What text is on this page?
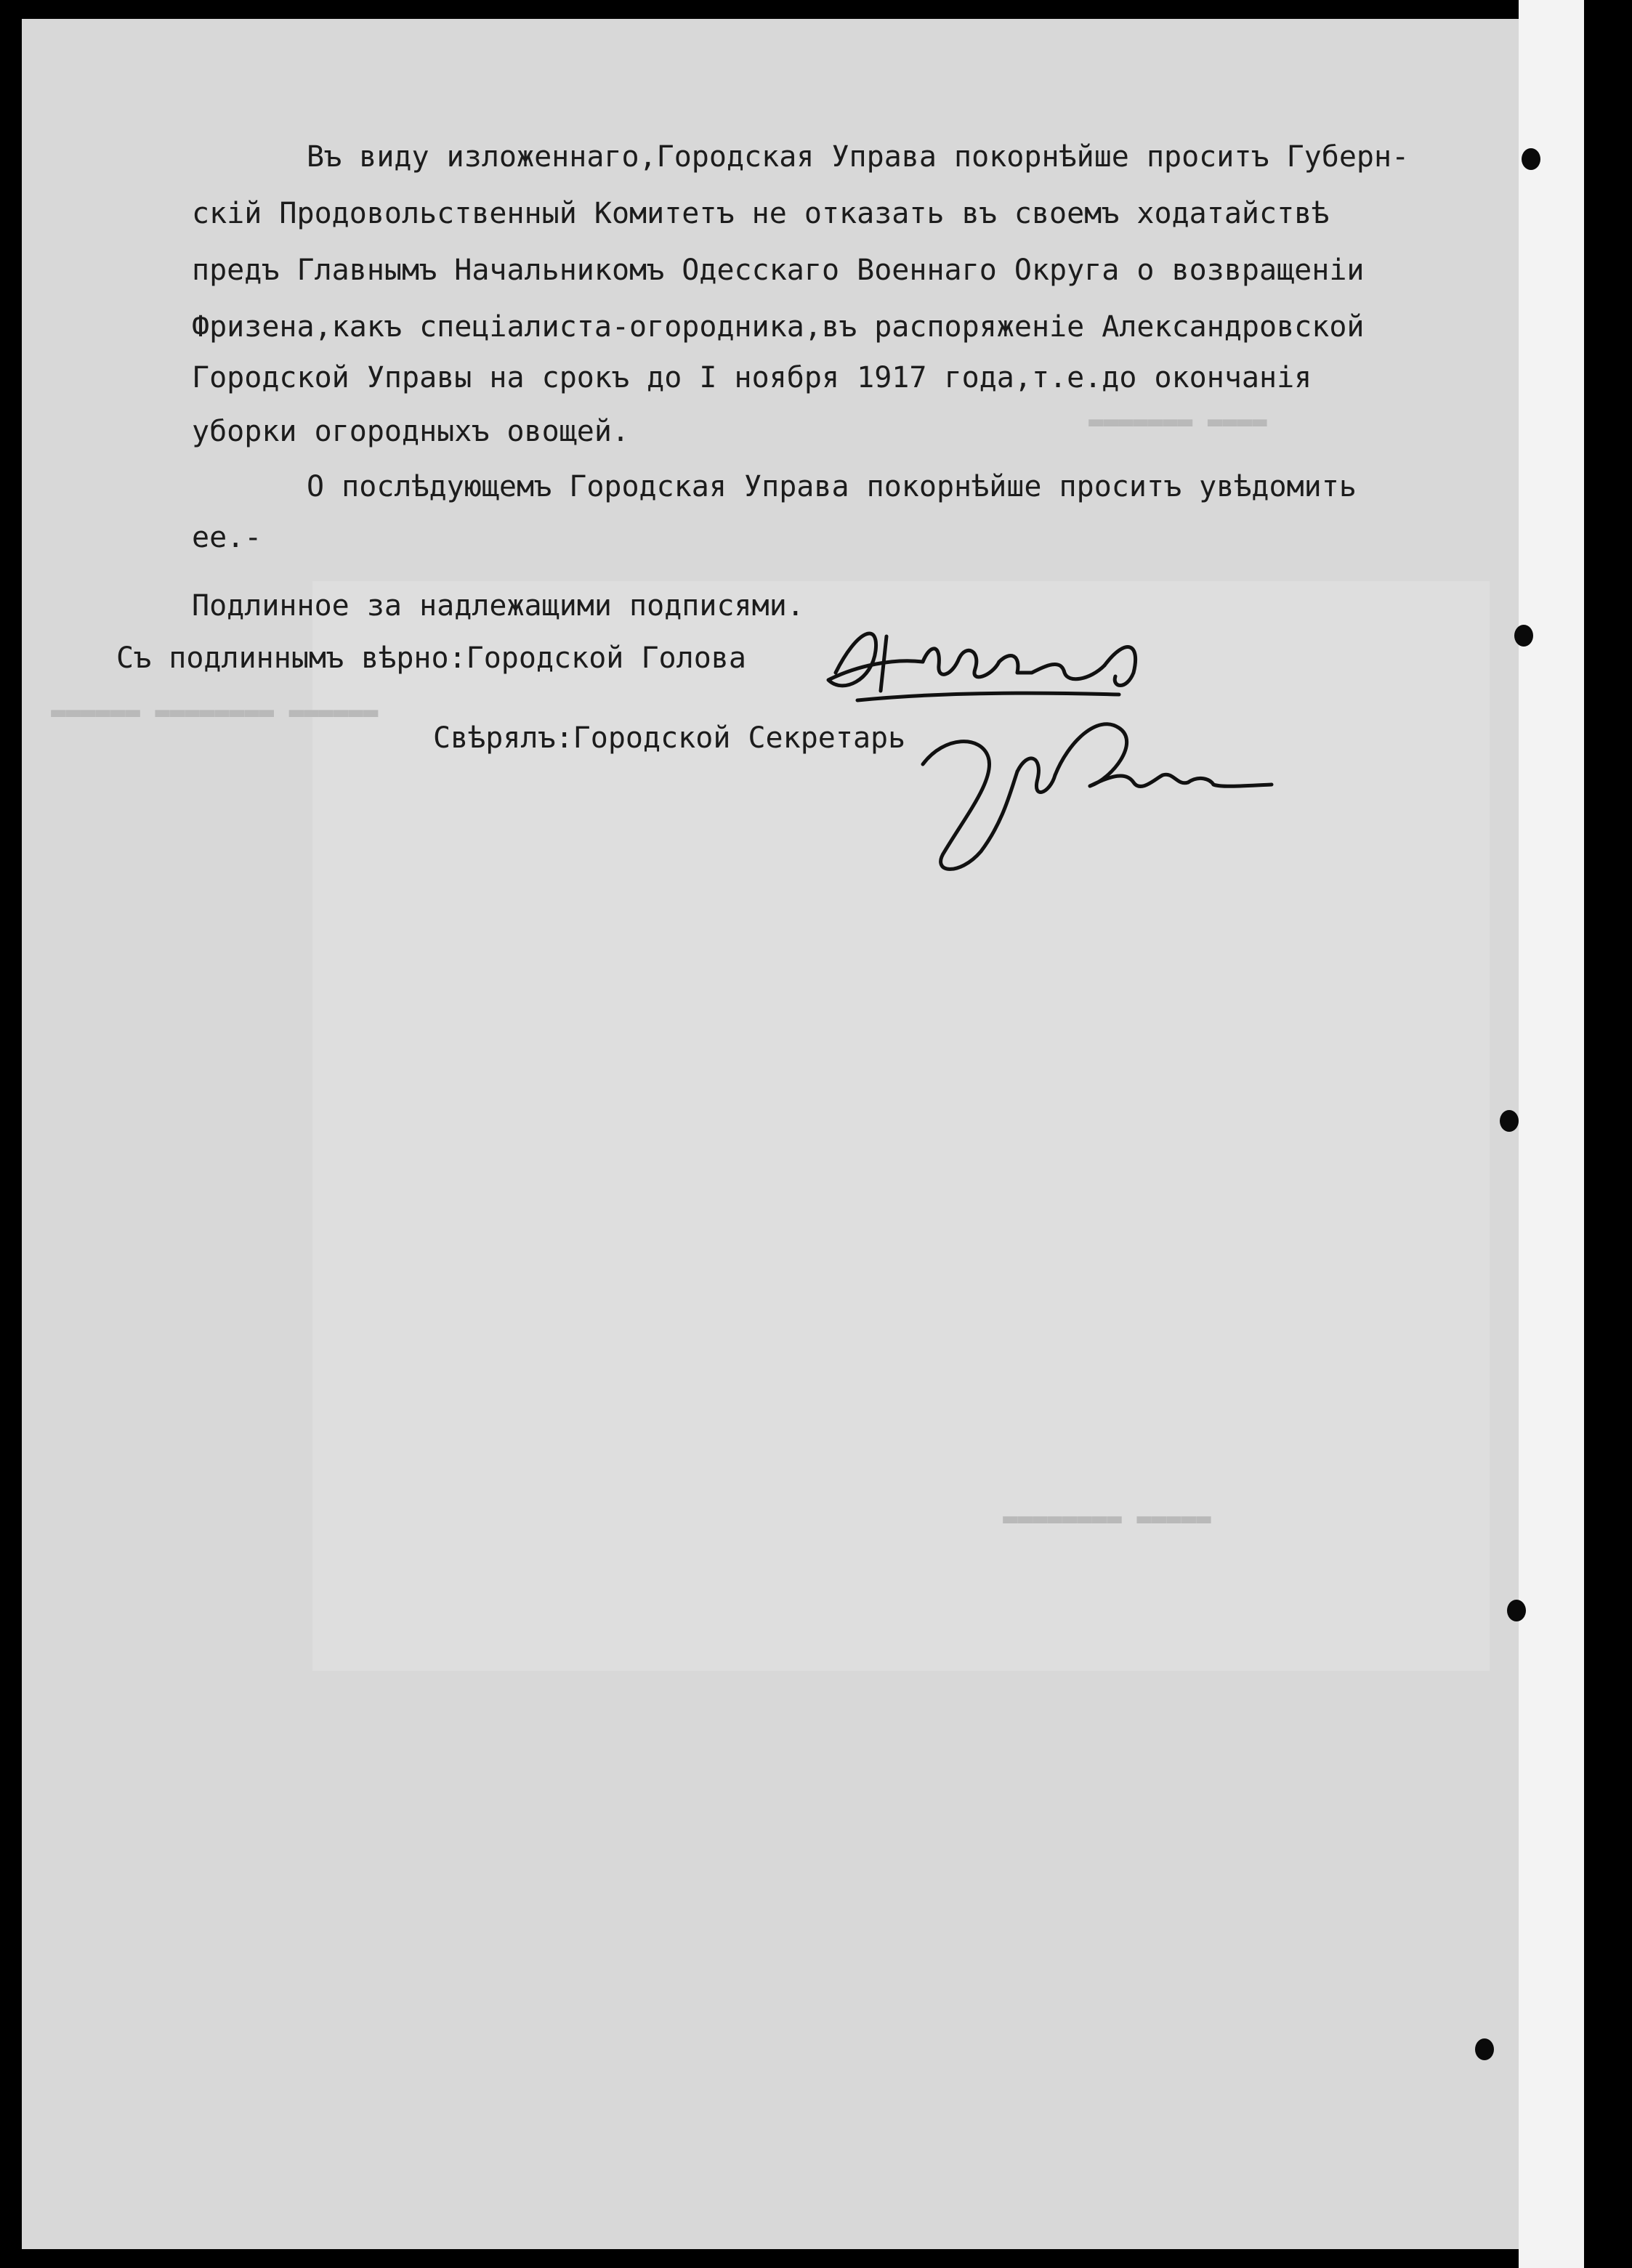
▬▬▬▬ ▬▬▬▬▬▬▬
▬▬▬▬▬▬ ▬▬▬▬▬▬▬▬ ▬▬▬▬▬▬
▬▬▬▬▬ ▬▬▬▬▬▬▬▬
Въ виду изложеннаго,Городская Управа покорнѣйше проситъ Губерн-
скій Продовольственный Комитетъ не отказать въ своемъ ходатайствѣ
предъ Главнымъ Начальникомъ Одесскаго Военнаго Округа о возвращеніи
Фризена,какъ спеціалиста-огородника,въ распоряженіе Александровской
Городской Управы на срокъ до I ноября 1917 года,т.е.до окончанія
уборки огородныхъ овощей.
О послѣдующемъ Городская Управа покорнѣйше проситъ увѣдомить
ее.-
Подлинное за надлежащими подписями.
Съ подлиннымъ вѣрно:Городской Голова
Свѣрялъ:Городской Секретарь
